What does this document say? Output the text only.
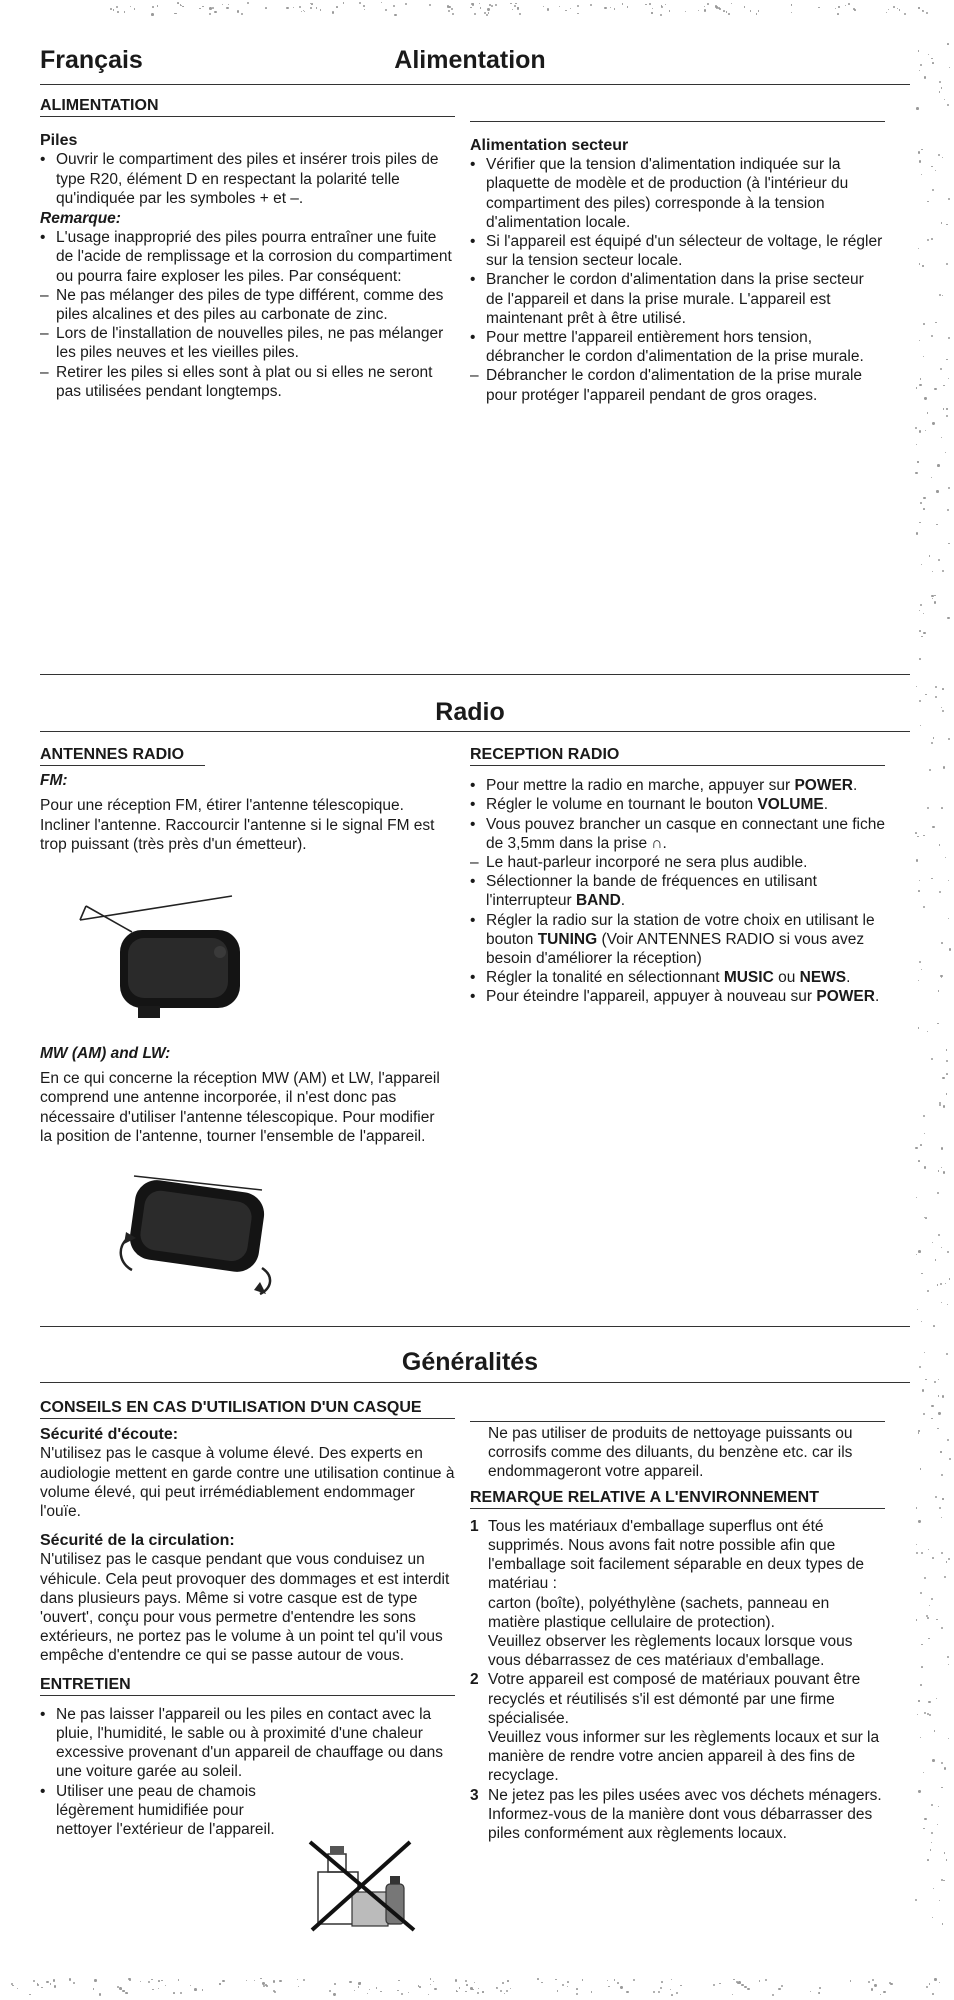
Français	Alimentation

ALIMENTATION

Piles

• Ouvrir le compartiment des piles et insérer trois piles de type R20, élément D en respectant la polarité telle qu'indiquée par les symboles + et –.

Remarque:

• L'usage inapproprié des piles pourra entraîner une fuite de l'acide de remplissage et la corrosion du compartiment ou pourra faire exploser les piles. Par conséquent:
– Ne pas mélanger des piles de type différent, comme des piles alcalines et des piles au carbonate de zinc.
– Lors de l'installation de nouvelles piles, ne pas mélanger les piles neuves et les vieilles piles.
– Retirer les piles si elles sont à plat ou si elles ne seront pas utilisées pendant longtemps.

Alimentation secteur

• Vérifier que la tension d'alimentation indiquée sur la plaquette de modèle et de production (à l'intérieur du compartiment des piles) corresponde à la tension d'alimentation locale.
• Si l'appareil est équipé d'un sélecteur de voltage, le régler sur la tension secteur locale.
• Brancher le cordon d'alimentation dans la prise secteur de l'appareil et dans la prise murale. L'appareil est maintenant prêt à être utilisé.
• Pour mettre l'appareil entièrement hors tension, débrancher le cordon d'alimentation de la prise murale.
– Débrancher le cordon d'alimentation de la prise murale pour protéger l'appareil pendant de gros orages.
Radio

ANTENNES RADIO

FM:

Pour une réception FM, étirer l'antenne télescopique. Incliner l'antenne. Raccourcir l'antenne si le signal FM est trop puissant (très près d'un émetteur).

MW (AM) and LW:

En ce qui concerne la réception MW (AM) et LW, l'appareil comprend une antenne incorporée, il n'est donc pas nécessaire d'utiliser l'antenne télescopique. Pour modifier la position de l'antenne, tourner l'ensemble de l'appareil.

RECEPTION RADIO

• Pour mettre la radio en marche, appuyer sur POWER.
• Régler le volume en tournant le bouton VOLUME.
• Vous pouvez brancher un casque en connectant une fiche de 3,5mm dans la prise ∩.
– Le haut-parleur incorporé ne sera plus audible.
• Sélectionner la bande de fréquences en utilisant l'interrupteur BAND.
• Régler la radio sur la station de votre choix en utilisant le bouton TUNING (Voir ANTENNES RADIO si vous avez besoin d'améliorer la réception)
• Régler la tonalité en sélectionnant MUSIC ou NEWS.
• Pour éteindre l'appareil, appuyer à nouveau sur POWER.
Généralités

CONSEILS EN CAS D'UTILISATION D'UN CASQUE

Sécurité d'écoute:

N'utilisez pas le casque à volume élevé. Des experts en audiologie mettent en garde contre une utilisation continue à volume élevé, qui peut irrémédiablement endommager l'ouïe.

Sécurité de la circulation:

N'utilisez pas le casque pendant que vous conduisez un véhicule. Cela peut provoquer des dommages et est interdit dans plusieurs pays. Même si votre casque est de type 'ouvert', conçu pour vous permetre d'entendre les sons extérieurs, ne portez pas le volume à un point tel qu'il vous empêche d'entendre ce qui se passe autour de vous.

ENTRETIEN

• Ne pas laisser l'appareil ou les piles en contact avec la pluie, l'humidité, le sable ou à proximité d'une chaleur excessive provenant d'un appareil de chauffage ou dans une voiture garée au soleil.
• Utiliser une peau de chamois légèrement humidifiée pour nettoyer l'extérieur de l'appareil.

Ne pas utiliser de produits de nettoyage puissants ou corrosifs comme des diluants, du benzène etc. car ils endommageront votre appareil.

REMARQUE RELATIVE A L'ENVIRONNEMENT

1 Tous les matériaux d'emballage superflus ont été supprimés. Nous avons fait notre possible afin que l'emballage soit facilement séparable en deux types de matériau :

carton (boîte), polyéthylène (sachets, panneau en matière plastique cellulaire de protection).

Veuillez observer les règlements locaux lorsque vous vous débarrassez de ces matériaux d'emballage.

2 Votre appareil est composé de matériaux pouvant être recyclés et réutilisés s'il est démonté par une firme spécialisée.

Veuillez vous informer sur les règlements locaux et sur la manière de rendre votre ancien appareil à des fins de recyclage.

3 Ne jetez pas les piles usées avec vos déchets ménagers. Informez-vous de la manière dont vous débarrasser des piles conformément aux règlements locaux.
